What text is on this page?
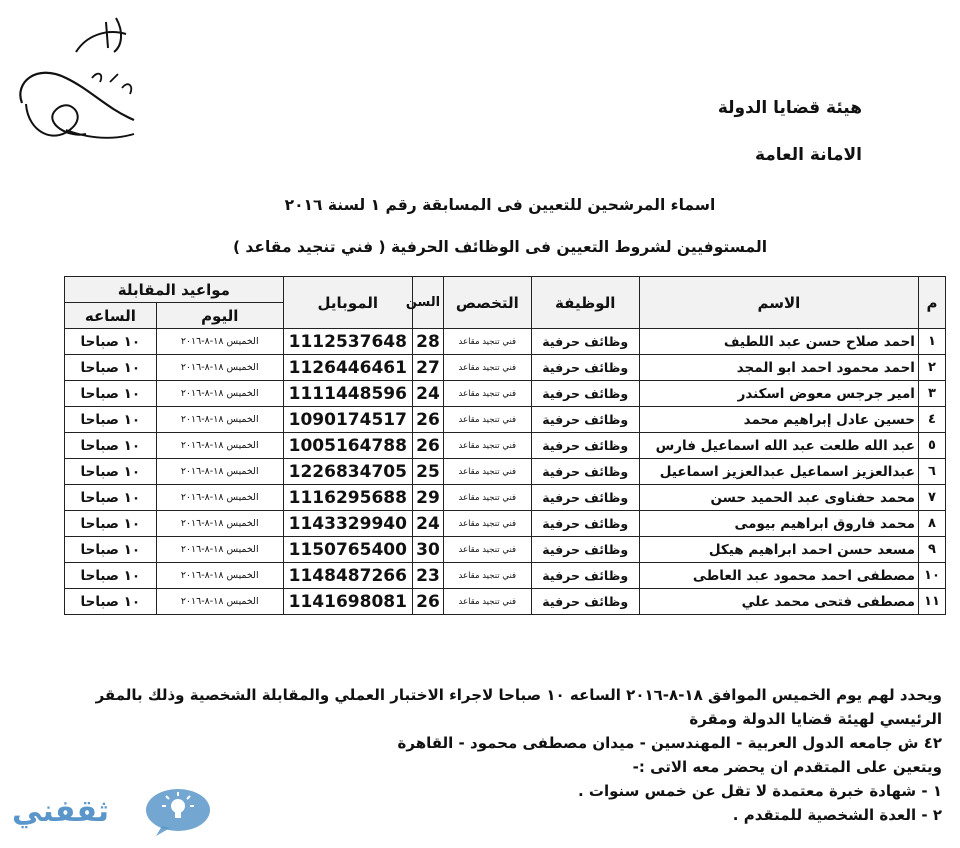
هيئة قضايا الدولة
الامانة العامة
اسماء المرشحين للتعيين فى المسابقة رقم ١ لسنة ٢٠١٦
المستوفيين لشروط التعيين فى الوظائف الحرفية ( فني تنجيد مقاعد )
م	الاسم	الوظيفة	التخصص	السن	الموبايل	مواعيد المقابلة	
						اليوم	الساعه
١	احمد صلاح حسن عبد اللطيف	وظائف حرفية	فني تنجيد مقاعد	28	1112537648	الخميس ١٨-٨-٢٠١٦	١٠ صباحا
٢	احمد محمود احمد ابو المجد	وظائف حرفية	فني تنجيد مقاعد	27	1126446461	الخميس ١٨-٨-٢٠١٦	١٠ صباحا
٣	امير جرجس معوض اسكندر	وظائف حرفية	فني تنجيد مقاعد	24	1111448596	الخميس ١٨-٨-٢٠١٦	١٠ صباحا
٤	حسين عادل إبراهيم محمد	وظائف حرفية	فني تنجيد مقاعد	26	1090174517	الخميس ١٨-٨-٢٠١٦	١٠ صباحا
٥	عبد الله طلعت عبد الله اسماعيل فارس	وظائف حرفية	فني تنجيد مقاعد	26	1005164788	الخميس ١٨-٨-٢٠١٦	١٠ صباحا
٦	عبدالعزيز اسماعيل عبدالعزيز اسماعيل	وظائف حرفية	فني تنجيد مقاعد	25	1226834705	الخميس ١٨-٨-٢٠١٦	١٠ صباحا
٧	محمد حفناوى عبد الحميد حسن	وظائف حرفية	فني تنجيد مقاعد	29	1116295688	الخميس ١٨-٨-٢٠١٦	١٠ صباحا
٨	محمد فاروق ابراهيم بيومى	وظائف حرفية	فني تنجيد مقاعد	24	1143329940	الخميس ١٨-٨-٢٠١٦	١٠ صباحا
٩	مسعد حسن احمد ابراهيم هيكل	وظائف حرفية	فني تنجيد مقاعد	30	1150765400	الخميس ١٨-٨-٢٠١٦	١٠ صباحا
١٠	مصطفى احمد محمود عبد العاطى	وظائف حرفية	فني تنجيد مقاعد	23	1148487266	الخميس ١٨-٨-٢٠١٦	١٠ صباحا
١١	مصطفى فتحى محمد علي	وظائف حرفية	فني تنجيد مقاعد	26	1141698081	الخميس ١٨-٨-٢٠١٦	١٠ صباحا

ويحدد لهم يوم الخميس الموافق ١٨-٨-٢٠١٦ الساعه ١٠ صباحا لاجراء الاختبار العملي والمقابلة الشخصية وذلك بالمقر

الرئيسي لهيئة قضايا الدولة ومقرة

٤٢ ش جامعه الدول العربية - المهندسين - ميدان مصطفى محمود - القاهرة

ويتعين على المتقدم ان يحضر معه الاتى :-

١ - شهادة خبرة معتمدة لا تقل عن خمس سنوات .

٢ - العدة الشخصية للمتقدم .

ثقفني
